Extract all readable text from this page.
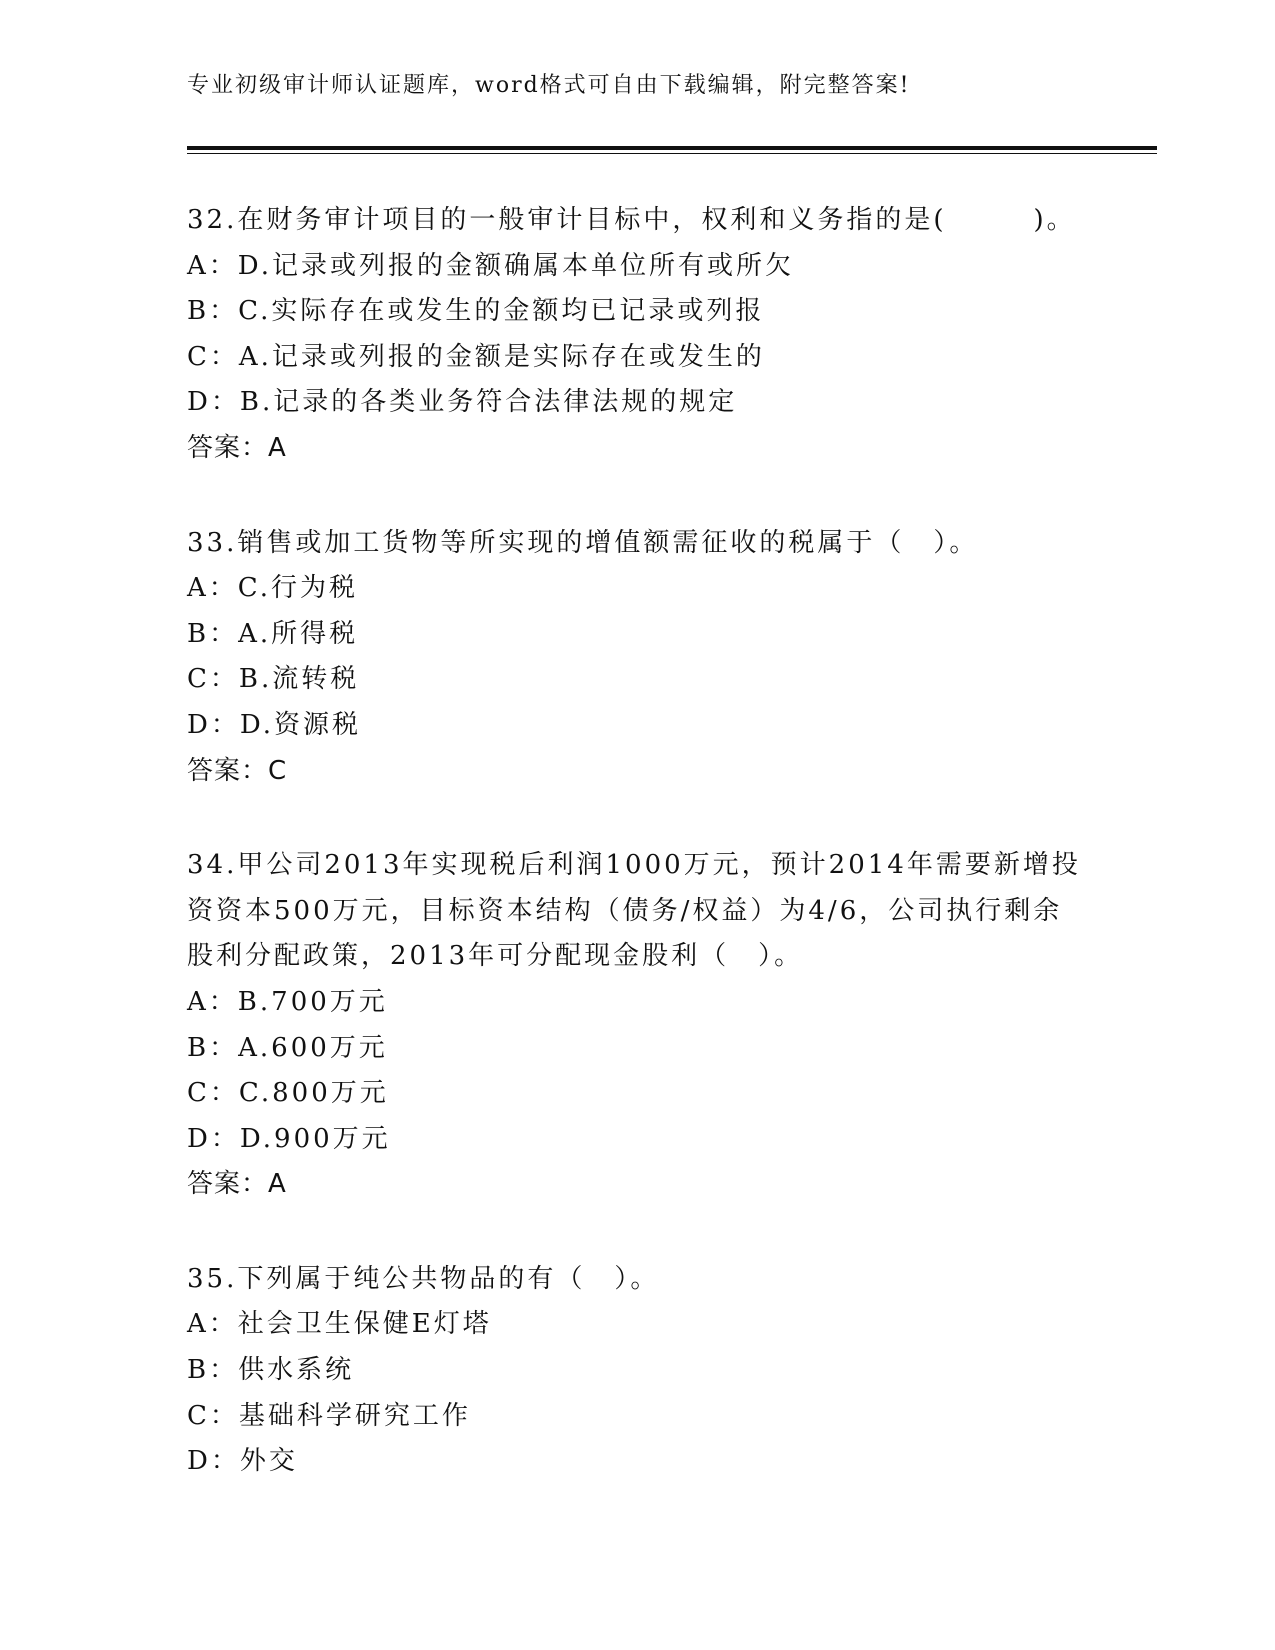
专业初级审计师认证题库，word格式可自由下载编辑，附完整答案!
32.在财务审计项目的一般审计目标中，权利和义务指的是(　　　)。
A：D.记录或列报的金额确属本单位所有或所欠
B：C.实际存在或发生的金额均已记录或列报
C：A.记录或列报的金额是实际存在或发生的
D：B.记录的各类业务符合法律法规的规定
答案：A
33.销售或加工货物等所实现的增值额需征收的税属于（　）。
A：C.行为税
B：A.所得税
C：B.流转税
D：D.资源税
答案：C
34.甲公司2013年实现税后利润1000万元，预计2014年需要新增投
资资本500万元，目标资本结构（债务/权益）为4/6，公司执行剩余
股利分配政策，2013年可分配现金股利（　）。
A：B.700万元
B：A.600万元
C：C.800万元
D：D.900万元
答案：A
35.下列属于纯公共物品的有（　）。
A：社会卫生保健E灯塔
B：供水系统
C：基础科学研究工作
D：外交
